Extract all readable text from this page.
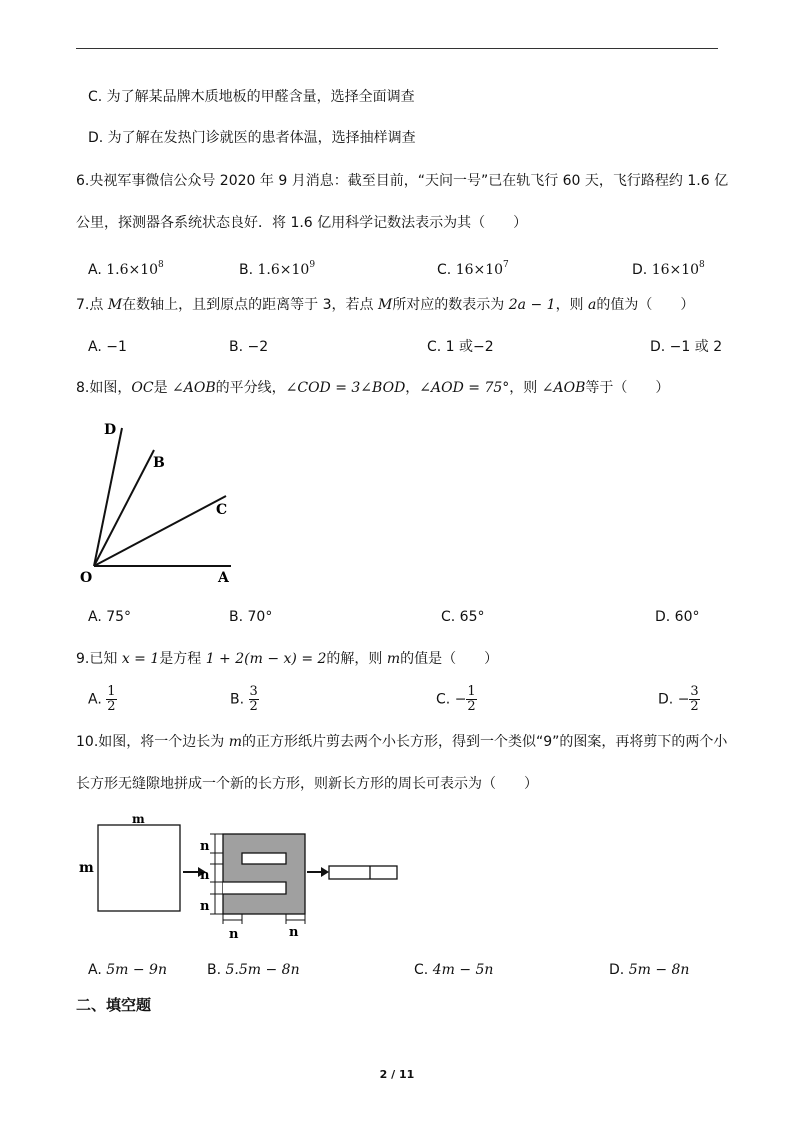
C. 为了解某品牌木质地板的甲醛含量，选择全面调查
D. 为了解在发热门诊就医的患者体温，选择抽样调查
6.央视军事微信公众号 2020 年 9 月消息：截至目前，“天问一号”已在轨飞行 60 天，飞行路程约 1.6 亿
公里，探测器各系统状态良好．将 1.6 亿用科学记数法表示为其（　　）
A. $1.6\times 10^8$	B. $1.6\times 10^9$	C. $16\times 10^7$	D. $16\times 10^8$
7.点 M在数轴上，且到原点的距离等于 3，若点 M所对应的数表示为 2a − 1，则 a的值为（　　）
A. −1	B. −2	C. 1 或−2	D. −1 或 2
8.如图，OC是 ∠AOB的平分线，∠COD = 3∠BOD，∠AOD = 75°，则 ∠AOB等于（　　）
D
B
C
O	A
A. 75°	B. 70°	C. 65°	D. 60°
9.已知 x = 1是方程 1 + 2(m − x) = 2的解，则 m的值是（　　）
A. $\frac{1}{2}$	B. $\frac{3}{2}$	C. − $\frac{1}{2}$	D. − $\frac{3}{2}$
10.如图，将一个边长为 m的正方形纸片剪去两个小长方形，得到一个类似“9”的图案，再将剪下的两个小
长方形无缝隙地拼成一个新的长方形，则新长方形的周长可表示为（　　）
m
m
n
n
n
n	n
A. 5m − 9n	B. 5.5m − 8n	C. 4m − 5n	D. 5m − 8n
二、填空题
2 / 11
